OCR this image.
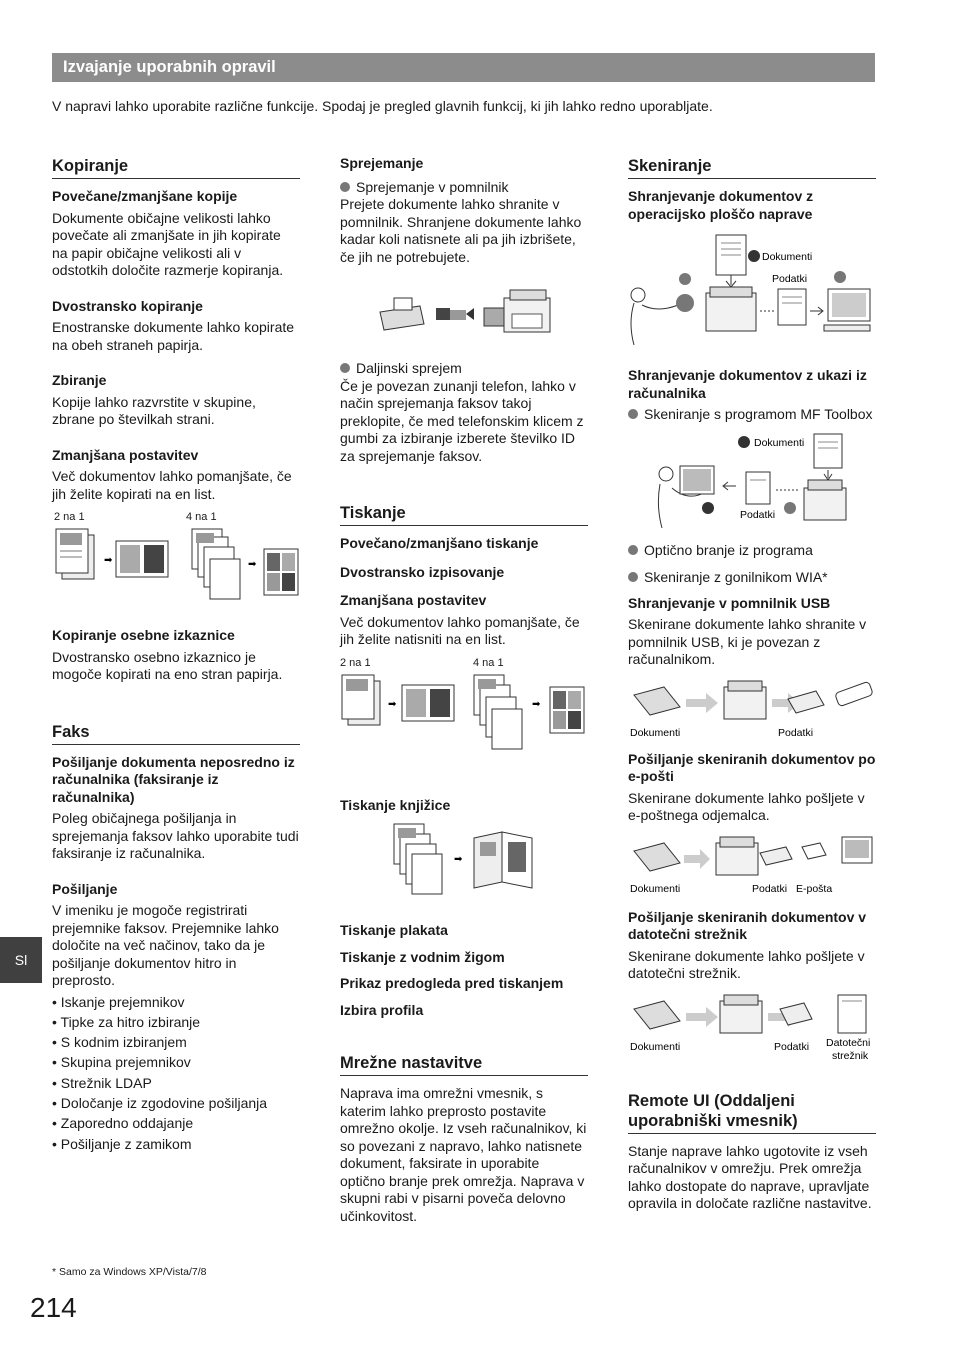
Izvajanje uporabnih opravil
V napravi lahko uporabite različne funkcije. Spodaj je pregled glavnih funkcij, ki jih lahko redno uporabljate.
Kopiranje
Povečane/zmanjšane kopije

Dokumente običajne velikosti lahko povečate ali zmanjšate in jih kopirate na papir običajne velikosti ali v odstotkih določite razmerje kopiranja.

Dvostransko kopiranje

Enostranske dokumente lahko kopirate na obeh straneh papirja.

Zbiranje

Kopije lahko razvrstite v skupine, zbrane po številkah strani.

Zmanjšana postavitev

Več dokumentov lahko pomanjšate, če jih želite kopirati na en list.

2 na 1	4 na 1
➡	➡
Kopiranje osebne izkaznice

Dvostransko osebno izkaznico je mogoče kopirati na eno stran papirja.

Faks
Pošiljanje dokumenta neposredno iz računalnika (faksiranje iz računalnika)

Poleg običajnega pošiljanja in sprejemanja faksov lahko uporabite tudi faksiranje iz računalnika.

Pošiljanje

V imeniku je mogoče registrirati prejemnike faksov. Prejemnike lahko določite na več načinov, tako da je pošiljanje dokumentov hitro in preprosto.

• Iskanje prejemnikov
• Tipke za hitro izbiranje
• S kodnim izbiranjem
• Skupina prejemnikov
• Strežnik LDAP
• Določanje iz zgodovine pošiljanja
• Zaporedno oddajanje
• Pošiljanje z zamikom
Sprejemanje

Sprejemanje v pomnilnik

Prejete dokumente lahko shranite v pomnilnik. Shranjene dokumente lahko kadar koli natisnete ali pa jih izbrišete, če jih ne potrebujete.

Daljinski sprejem

Če je povezan zunanji telefon, lahko v način sprejemanja faksov takoj preklopite, če med telefonskim klicem z gumbi za izbiranje izberete številko ID za sprejemanje faksov.

Tiskanje
Povečano/zmanjšano tiskanje
Dvostransko izpisovanje
Zmanjšana postavitev

Več dokumentov lahko pomanjšate, če jih želite natisniti na en list.

2 na 1	4 na 1
➡	➡
Tiskanje knjižice
➡
Tiskanje plakata
Tiskanje z vodnim žigom
Prikaz predogleda pred tiskanjem
Izbira profila
Mrežne nastavitve

Naprava ima omrežni vmesnik, s katerim lahko preprosto postavite omrežno okolje. Iz vseh računalnikov, ki so povezani z napravo, lahko natisnete dokument, faksirate in uporabite optično branje prek omrežja. Naprava v skupni rabi v pisarni povečа delovno učinkovitost.

Skeniranje
Shranjevanje dokumentov z operacijsko ploščo naprave
Dokumenti
Podatki
Shranjevanje dokumentov z ukazi iz računalnika

Skeniranje s programom MF Toolbox

Dokumenti
Podatki

Optično branje iz programa

Skeniranje z gonilnikom WIA*

Shranjevanje v pomnilnik USB

Skenirane dokumente lahko shranite v pomnilnik USB, ki je povezan z računalnikom.

Dokumenti	Podatki
Pošiljanje skeniranih dokumentov po e-pošti

Skenirane dokumente lahko pošljete v e-poštnega odjemalca.

Dokumenti	Podatki E-pošta
Pošiljanje skeniranih dokumentov v datotečni strežnik

Skenirane dokumente lahko pošljete v datotečni strežnik.

Dokumenti	Podatki Datotečni
strežnik
Remote UI (Oddaljeni uporabniški vmesnik)

Stanje naprave lahko ugotovite iz vseh računalnikov v omrežju. Prek omrežja lahko dostopate do naprave, upravljate opravila in določate različne nastavitve.

Sl
* Samo za Windows XP/Vista/7/8
214
